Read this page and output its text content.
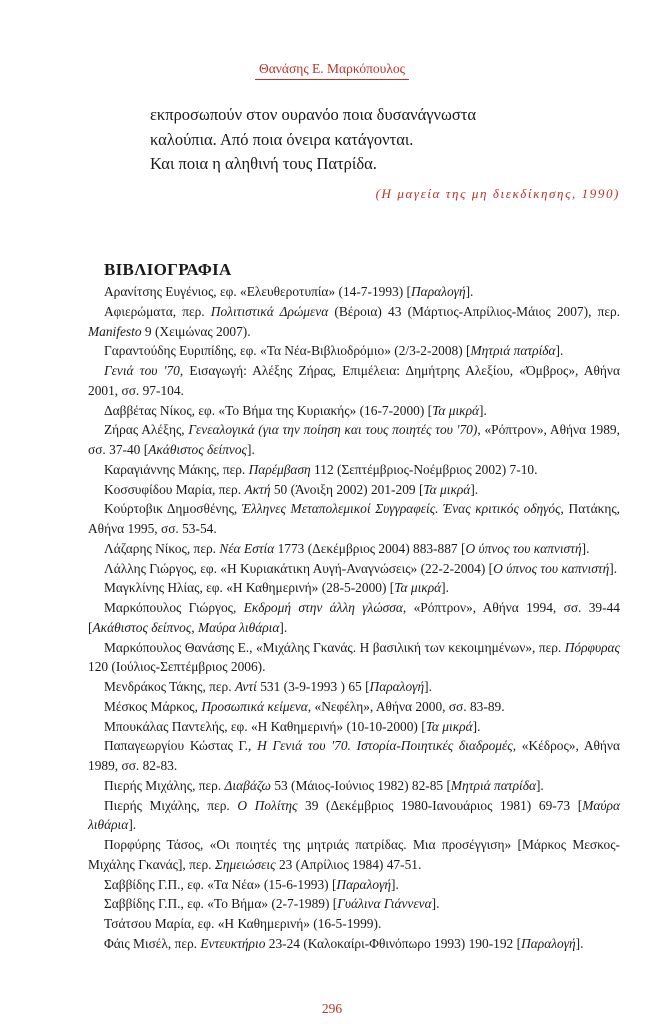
Θανάσης Ε. Μαρκόπουλος
εκπροσωπούν στον ουρανόο ποια δυσανάγνωστα
καλούπια. Από ποια όνειρα κατάγονται.
Και ποια η αληθινή τους Πατρίδα.
(Η μαγεία της μη διεκδίκησης, 1990)
ΒΙΒΛΙΟΓΡΑΦΙΑ

Αρανίτσης Ευγένιος, εφ. «Ελευθεροτυπία» (14-7-1993) [Παραλογή].

Αφιερώματα, περ. Πολιτιστικά Δρώμενα (Βέροια) 43 (Μάρτιος-Απρίλιος-Μάιος 2007), περ. Manifesto 9 (Χειμώνας 2007).

Γαραντούδης Ευριπίδης, εφ. «Τα Νέα-Βιβλιοδρόμιο» (2/3-2-2008) [Μητριά πατρίδα].

Γενιά του '70, Εισαγωγή: Αλέξης Ζήρας, Επιμέλεια: Δημήτρης Αλεξίου, «Όμβρος», Αθήνα 2001, σσ. 97-104.

Δαββέτας Νίκος, εφ. «Το Βήμα της Κυριακής» (16-7-2000) [Τα μικρά].

Ζήρας Αλέξης, Γενεαλογικά (για την ποίηση και τους ποιητές του '70), «Ρόπτρον», Αθήνα 1989, σσ. 37-40 [Ακάθιστος δείπνος].

Καραγιάννης Μάκης, περ. Παρέμβαση 112 (Σεπτέμβριος-Νοέμβριος 2002) 7-10.

Κοσσυφίδου Μαρία, περ. Ακτή 50 (Άνοιξη 2002) 201-209 [Τα μικρά].

Κούρτοβικ Δημοσθένης, Έλληνες Μεταπολεμικοί Συγγραφείς. Ένας κριτικός οδηγός, Πατάκης, Αθήνα 1995, σσ. 53-54.

Λάζαρης Νίκος, περ. Νέα Εστία 1773 (Δεκέμβριος 2004) 883-887 [Ο ύπνος του καπνιστή].

Λάλλης Γιώργος, εφ. «Η Κυριακάτικη Αυγή-Αναγνώσεις» (22-2-2004) [Ο ύπνος του καπνιστή].

Μαγκλίνης Ηλίας, εφ. «Η Καθημερινή» (28-5-2000) [Τα μικρά].

Μαρκόπουλος Γιώργος, Εκδρομή στην άλλη γλώσσα, «Ρόπτρον», Αθήνα 1994, σσ. 39-44 [Ακάθιστος δείπνος, Μαύρα λιθάρια].

Μαρκόπουλος Θανάσης Ε., «Μιχάλης Γκανάς. Η βασιλική των κεκοιμημένων», περ. Πόρφυρας 120 (Ιούλιος-Σεπτέμβριος 2006).

Μενδράκος Τάκης, περ. Αντί 531 (3-9-1993 ) 65 [Παραλογή].

Μέσκος Μάρκος, Προσωπικά κείμενα, «Νεφέλη», Αθήνα 2000, σσ. 83-89.

Μπουκάλας Παντελής, εφ. «Η Καθημερινή» (10-10-2000) [Τα μικρά].

Παπαγεωργίου Κώστας Γ., Η Γενιά του '70. Ιστορία-Ποιητικές διαδρομές, «Κέδρος», Αθήνα 1989, σσ. 82-83.

Πιερής Μιχάλης, περ. Διαβάζω 53 (Μάιος-Ιούνιος 1982) 82-85 [Μητριά πατρίδα].

Πιερής Μιχάλης, περ. Ο Πολίτης 39 (Δεκέμβριος 1980-Ιανουάριος 1981) 69-73 [Μαύρα λιθάρια].

Πορφύρης Τάσος, «Οι ποιητές της μητριάς πατρίδας. Μια προσέγγιση» [Μάρκος Μεσκος-Μιχάλης Γκανάς], περ. Σημειώσεις 23 (Απρίλιος 1984) 47-51.

Σαββίδης Γ.Π., εφ. «Τα Νέα» (15-6-1993) [Παραλογή].

Σαββίδης Γ.Π., εφ. «Το Βήμα» (2-7-1989) [Γυάλινα Γιάννενα].

Τσάτσου Μαρία, εφ. «Η Καθημερινή» (16-5-1999).

Φάις Μισέλ, περ. Εντευκτήριο 23-24 (Καλοκαίρι-Φθινόπωρο 1993) 190-192 [Παραλογή].

296
